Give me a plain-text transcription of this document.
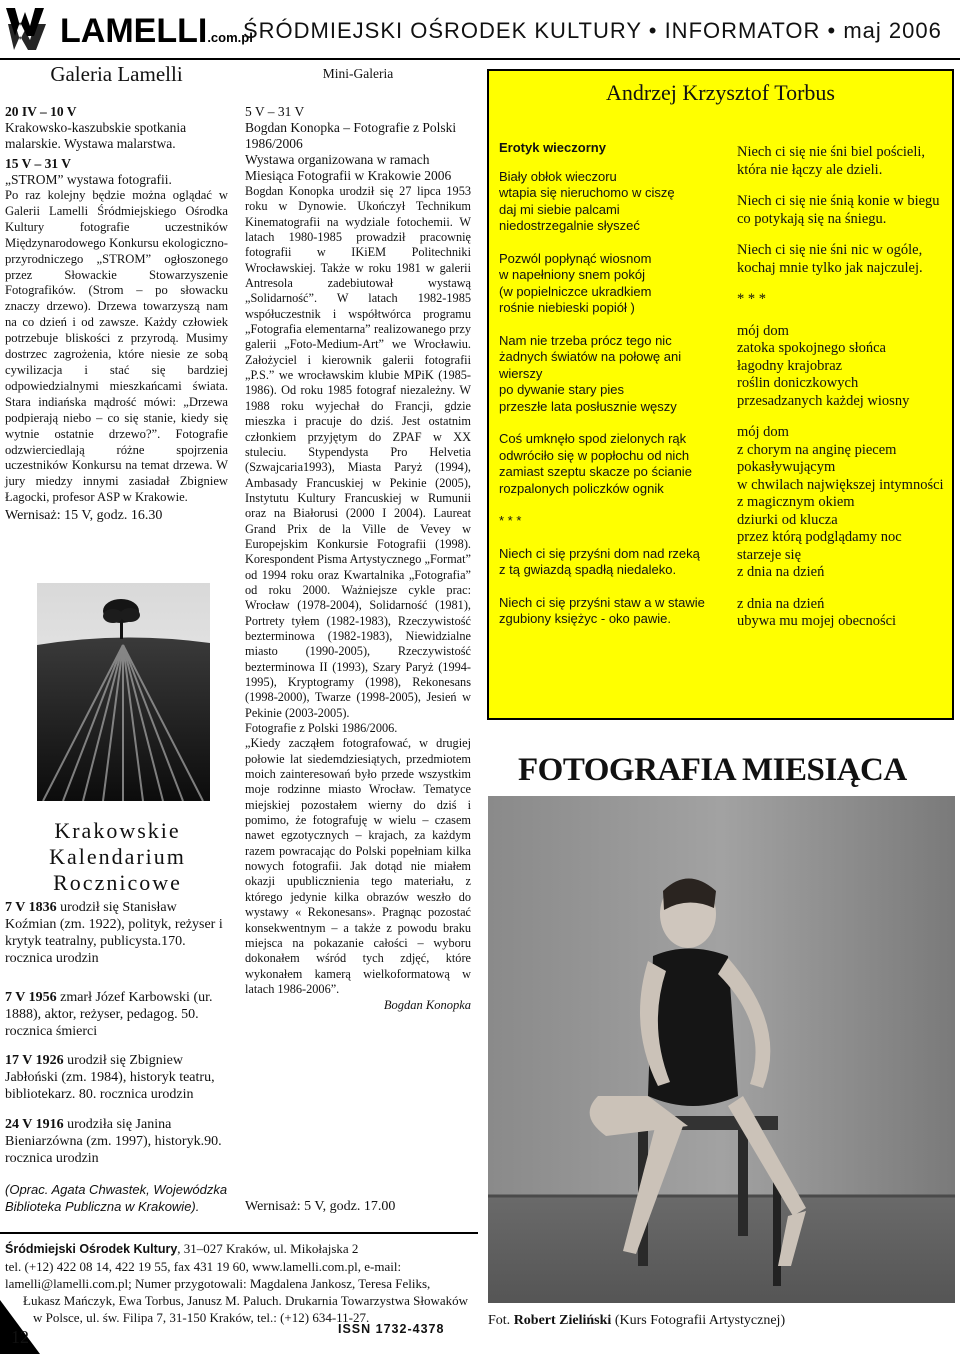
LAMELLI.com.pl
ŚRÓDMIEJSKI OŚRODEK KULTURY • INFORMATOR • maj 2006
Galeria Lamelli

20 IV – 10 V

Krakowsko-kaszubskie spotkania malarskie. Wystawa malarstwa.

15 V – 31 V

„STROM” wystawa fotografii.

Po raz kolejny będzie można oglądać w Galerii Lamelli Śródmiejskiego Ośrodka Kultury fotografie uczestników Międzynarodowego Konkursu ekologiczno-przyrodniczego „STROM” ogłoszonego przez Słowackie Stowarzyszenie Fotografików. (Strom – po słowacku znaczy drzewo). Drzewa towarzyszą nam na co dzień i od zawsze. Każdy człowiek potrzebuje bliskości z przyrodą. Musimy dostrzec zagrożenia, które niesie ze sobą cywilizacja i stać się bardziej odpowiedzialnymi mieszkańcami świata. Stara indiańska mądrość mówi: „Drzewa podpierają niebo – co się stanie, kiedy się wytnie ostatnie drzewo?”. Fotografie odzwierciedlają różne spojrzenia uczestników Konkursu na temat drzewa. W jury miedzy innymi zasiadał Zbigniew Łagocki, profesor ASP w Krakowie.

Wernisaż: 15 V, godz. 16.30

Krakowskie Kalendarium Rocznicowe
7 V 1836 urodził się Stanisław Koźmian (zm. 1922), polityk, reżyser i krytyk teatralny, publicysta.170. rocznica urodzin
7 V 1956 zmarł Józef Karbowski (ur. 1888), aktor, reżyser, pedagog. 50. rocznica śmierci
17 V 1926 urodził się Zbigniew Jabłoński (zm. 1984), historyk teatru, bibliotekarz. 80. rocznica urodzin
24 V 1916 urodziła się Janina Bieniarzówna (zm. 1997), historyk.90. rocznica urodzin
(Oprac. Agata Chwastek, Wojewódzka Biblioteka Publiczna w Krakowie).
Mini-Galeria

5 V – 31 V

Bogdan Konopka – Fotografie z Polski 1986/2006

Wystawa organizowana w ramach Miesiąca Fotografii w Krakowie 2006

Bogdan Konopka urodził się 27 lipca 1953 roku w Dynowie. Ukończył Technikum Kinematografii na wydziale fotochemii. W latach 1980-1985 prowadził pracownię fotografii w IKiEM Politechniki Wrocławskiej. Także w roku 1981 w galerii Antresola zadebiutował wystawą „Solidarność”. W latach 1982-1985 współuczestnik i współtwórca programu „Fotografia elementarna” realizowanego przy galerii „Foto-Medium-Art” we Wrocławiu. Założyciel i kierownik galerii fotografii „P.S.” we wrocławskim klubie MPiK (1985-1986). Od roku 1985 fotograf niezależny. W 1988 roku wyjechał do Francji, gdzie mieszka i pracuje do dziś. Jest ostatnim członkiem przyjętym do ZPAF w XX stuleciu. Stypendysta Pro Helvetia (Szwajcaria1993), Miasta Paryż (1994), Ambasady Francuskiej w Pekinie (2005), Instytutu Kultury Francuskiej w Rumunii oraz na Białorusi (2000 I 2004). Laureat Grand Prix de la Ville de Vevey w Europejskim Konkursie Fotografii (1998). Korespondent Pisma Artystycznego „Format” od 1994 roku oraz Kwartalnika „Fotografia” od roku 2000. Ważniejsze cykle prac: Wrocław (1978-2004), Solidarność (1981), Portrety tyłem (1982-1983), Rzeczywistość bezterminowa (1982-1983), Niewidzialne miasto (1990-2005), Rzeczywistość bezterminowa II (1993), Szary Paryż (1994-1995), Kryptogramy (1998), Rekonesans (1998-2000), Twarze (1998-2005), Jesień w Pekinie (2003-2005).

Fotografie z Polski 1986/2006.

„Kiedy zacząłem fotografować, w drugiej połowie lat siedemdziesiątych, przedmiotem moich zainteresowań było przede wszystkim moje rodzinne miasto Wrocław. Tematyce miejskiej pozostałem wierny do dziś i pomimo, że fotografuję w wielu – czasem nawet egzotycznych – krajach, za każdym razem powracając do Polski popełniam kilka nowych fotografii. Jak dotąd nie miałem okazji upublicznienia tego materiału, z którego jedynie kilka obrazów weszło do wystawy « Rekonesans». Pragnąc pozostać konsekwentnym – a także z powodu braku miejsca na pokazanie całości – wyboru dokonałem wśród tych zdjęć, które wykonałem kamerą wielkoformatową w latach 1986-2006”.

Bogdan Konopka

Wernisaż: 5 V, godz. 17.00
Andrzej Krzysztof Torbus

Erotyk wieczorny

Biały obłok wieczoru
wtapia się nieruchomo w ciszę
daj mi siebie palcami
niedostrzegalnie słyszeć
Pozwól popłynąć wiosnom
w napełniony snem pokój
(w popielniczce ukradkiem
rośnie niebieski popiół )
Nam nie trzeba prócz tego nic
żadnych światów na połowę ani
wierszy
po dywanie stary pies
przeszłe lata posłusznie węszy
Coś umknęło spod zielonych rąk
odwróciło się w popłochu od nich
zamiast szeptu skacze po ścianie
rozpalonych policzków ognik
* * *
Niech ci się przyśni dom nad rzeką
z tą gwiazdą spadłą niedaleko.
Niech ci się przyśni staw a w stawie
zgubiony księżyc - oko pawie.
Niech ci się nie śni biel pościeli,
która nie łączy ale dzieli.
Niech ci się nie śnią konie w biegu
co potykają się na śniegu.
Niech ci się nie śni nic w ogóle,
kochaj mnie tylko jak najczulej.
* * *
mój dom
zatoka spokojnego słońca
łagodny krajobraz
roślin doniczkowych
przesadzanych każdej wiosny
mój dom
z chorym na anginę piecem
pokasływującym
w chwilach największej intymności
z magicznym okiem
dziurki od klucza
przez którą podglądamy noc
starzeje się
z dnia na dzień
z dnia na dzień
ubywa mu mojej obecności
FOTOGRAFIA MIESIĄCA
Fot. Robert Zieliński (Kurs Fotografii Artystycznej)

Śródmiejski Ośrodek Kultury, 31–027 Kraków, ul. Mikołajska 2

tel. (+12) 422 08 14, 422 19 55, fax 431 19 60, www.lamelli.com.pl, e-mail:

lamelli@lamelli.com.pl; Numer przygotowali: Magdalena Jankosz, Teresa Feliks,

Łukasz Mańczyk, Ewa Torbus, Janusz M. Paluch. Drukarnia Towarzystwa Słowaków

w Polsce, ul. św. Filipa 7, 31-150 Kraków, tel.: (+12) 634-11-27.

ISSN 1732-4378
12
